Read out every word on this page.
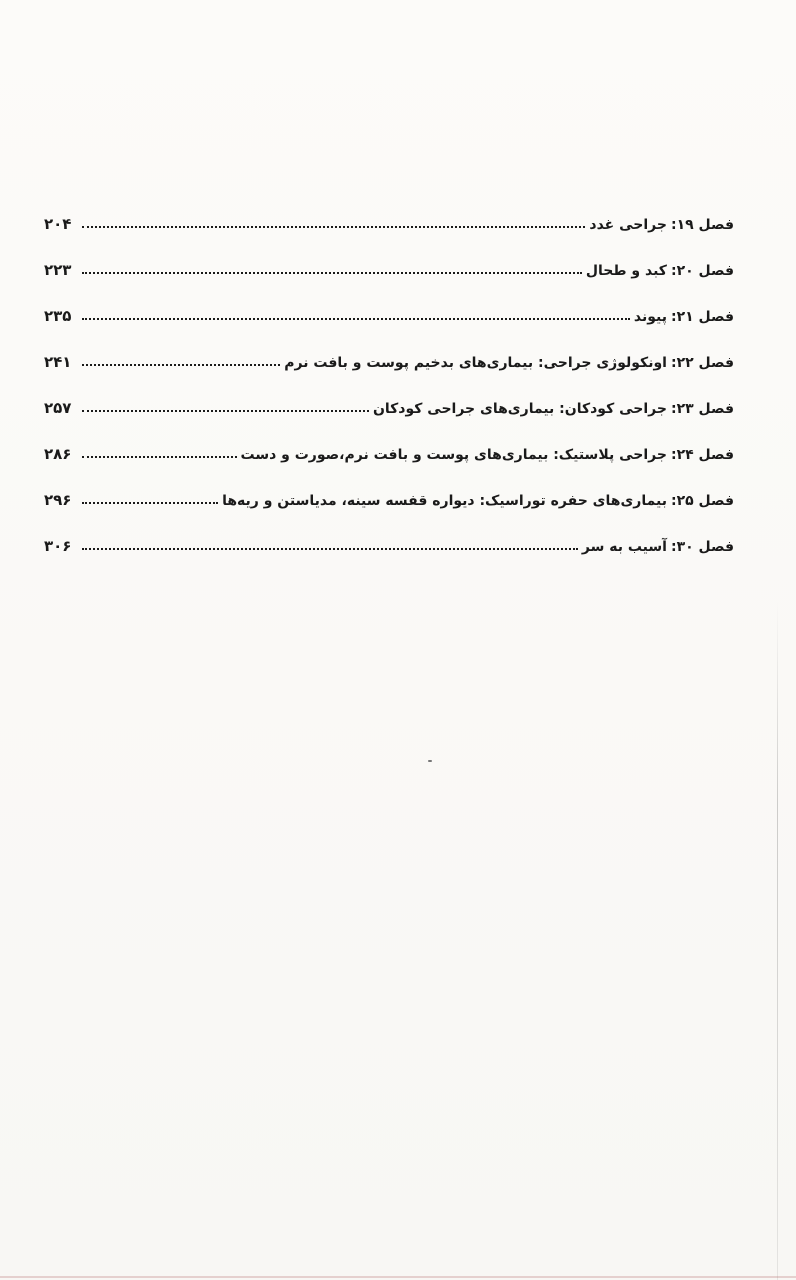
فصل ۱۹:
جراحی غدد
۲۰۴
فصل ۲۰:
کبد و طحال
۲۲۳
فصل ۲۱:
پیوند
۲۳۵
فصل ۲۲:
اونکولوژی جراحی: بیماری‌های بدخیم پوست و بافت نرم
۲۴۱
فصل ۲۳:
جراحی کودکان: بیماری‌های جراحی کودکان
۲۵۷
فصل ۲۴:
جراحی پلاستیک: بیماری‌های پوست و بافت نرم،صورت و دست
۲۸۶
فصل ۲۵:
بیماری‌های حفره توراسیک: دیواره قفسه سینه، مدیاستن و ریه‌ها
۲۹۶
فصل ۳۰:
آسیب به سر
۳۰۶
